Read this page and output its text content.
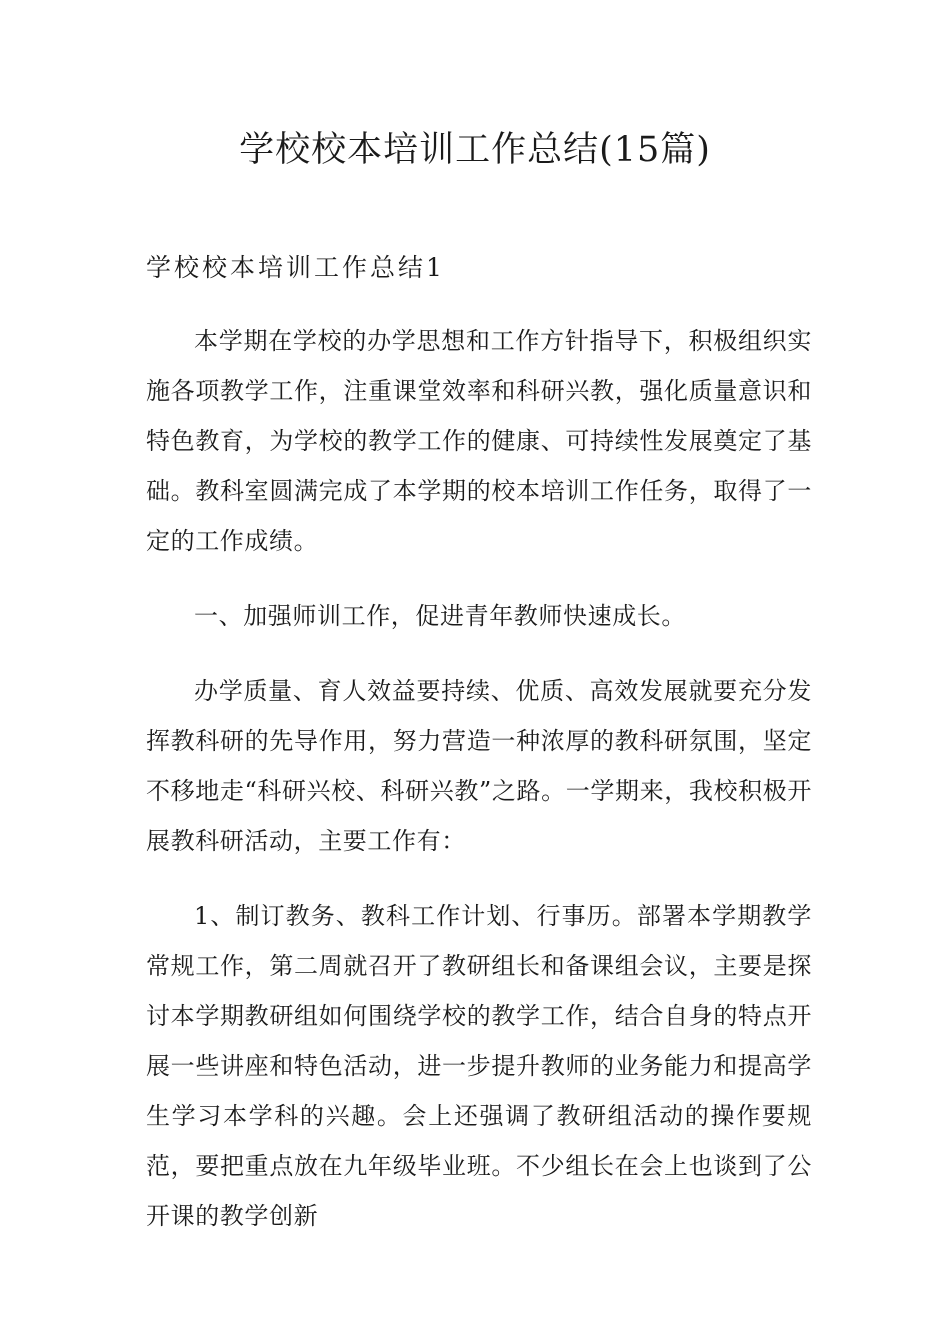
学校校本培训工作总结(15篇)
学校校本培训工作总结1

本学期在学校的办学思想和工作方针指导下，积极组织实施各项教学工作，注重课堂效率和科研兴教，强化质量意识和特色教育，为学校的教学工作的健康、可持续性发展奠定了基础。教科室圆满完成了本学期的校本培训工作任务，取得了一定的工作成绩。

一、加强师训工作，促进青年教师快速成长。

办学质量、育人效益要持续、优质、高效发展就要充分发挥教科研的先导作用，努力营造一种浓厚的教科研氛围，坚定不移地走“科研兴校、科研兴教”之路。一学期来，我校积极开展教科研活动，主要工作有：

1、制订教务、教科工作计划、行事历。部署本学期教学常规工作，第二周就召开了教研组长和备课组会议，主要是探讨本学期教研组如何围绕学校的教学工作，结合自身的特点开展一些讲座和特色活动，进一步提升教师的业务能力和提高学生学习本学科的兴趣。会上还强调了教研组活动的操作要规范，要把重点放在九年级毕业班。不少组长在会上也谈到了公开课的教学创新
